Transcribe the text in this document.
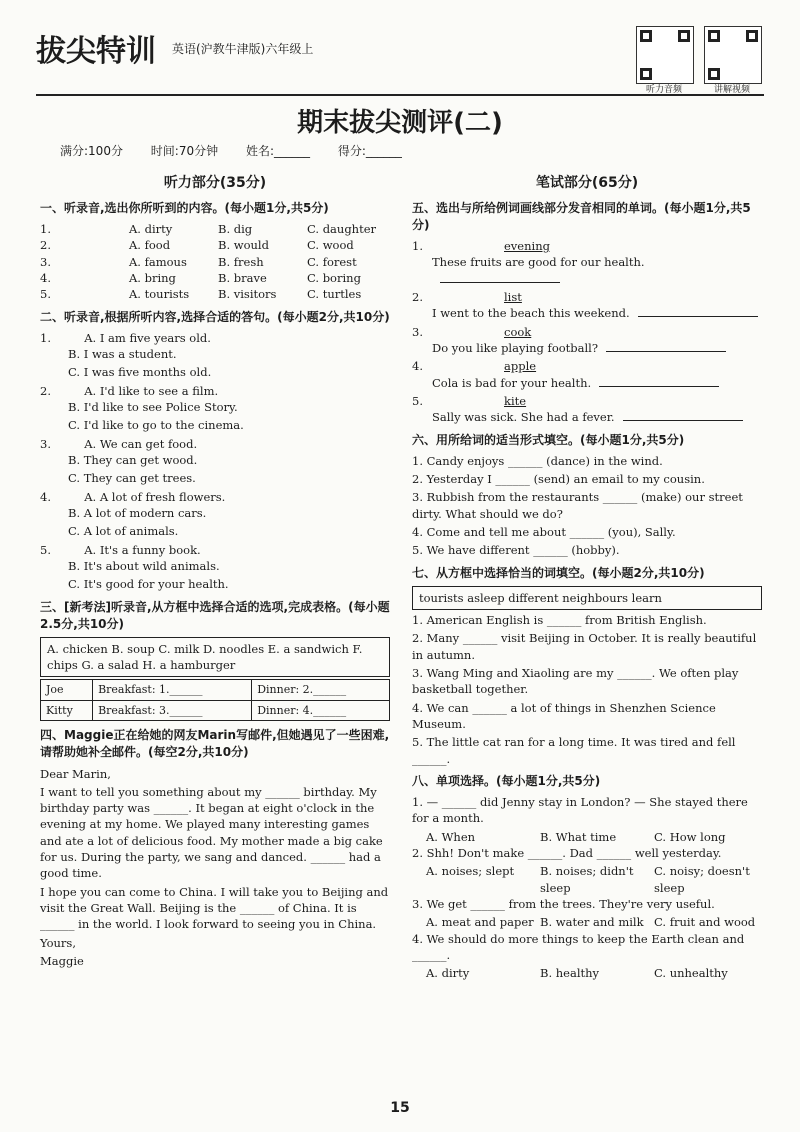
拔尖特训 英语(沪教牛津版)六年级上
听力音频	讲解视频
期末拔尖测评(二)
满分:100分 时间:70分钟 姓名:______ 得分:______
听力部分(35分)
一、听录音,选出你所听到的内容。(每小题1分,共5分)
1.	A. dirty	B. dig	C. daughter
2.	A. food	B. would	C. wood
3.	A. famous	B. fresh	C. forest
4.	A. bring	B. brave	C. boring
5.	A. tourists	B. visitors	C. turtles
二、听录音,根据所听内容,选择合适的答句。(每小题2分,共10分)
1.	A. I am five years old.

B. I was a student.

C. I was five months old.

2.	A. I'd like to see a film.

B. I'd like to see Police Story.

C. I'd like to go to the cinema.

3.	A. We can get food.

B. They can get wood.

C. They can get trees.

4.	A. A lot of fresh flowers.

B. A lot of modern cars.

C. A lot of animals.

5.	A. It's a funny book.

B. It's about wild animals.

C. It's good for your health.

三、[新考法]听录音,从方框中选择合适的选项,完成表格。(每小题2.5分,共10分)

A. chicken B. soup C. milk D. noodles E. a sandwich F. chips G. a salad H. a hamburger

Joe	Breakfast: 1.______	Dinner: 2.______
Kitty	Breakfast: 3.______	Dinner: 4.______
四、Maggie正在给她的网友Marin写邮件,但她遇见了一些困难,请帮助她补全邮件。(每空2分,共10分)

Dear Marin,

I want to tell you something about my ______ birthday. My birthday party was ______. It began at eight o'clock in the evening at my home. We played many interesting games and ate a lot of delicious food. My mother made a big cake for us. During the party, we sang and danced. ______ had a good time.

I hope you can come to China. I will take you to Beijing and visit the Great Wall. Beijing is the ______ of China. It is ______ in the world. I look forward to seeing you in China.

Yours,

Maggie

笔试部分(65分)
五、选出与所给例词画线部分发音相同的单词。(每小题1分,共5分)
1.	evening

These fruits are good for our health.

2.	list

I went to the beach this weekend.

3.	cook

Do you like playing football?

4.	apple

Cola is bad for your health.

5.	kite

Sally was sick. She had a fever.

六、用所给词的适当形式填空。(每小题1分,共5分)

1. Candy enjoys ______ (dance) in the wind.

2. Yesterday I ______ (send) an email to my cousin.

3. Rubbish from the restaurants ______ (make) our street dirty. What should we do?

4. Come and tell me about ______ (you), Sally.

5. We have different ______ (hobby).

七、从方框中选择恰当的词填空。(每小题2分,共10分)

tourists asleep different neighbours learn

1. American English is ______ from British English.

2. Many ______ visit Beijing in October. It is really beautiful in autumn.

3. Wang Ming and Xiaoling are my ______. We often play basketball together.

4. We can ______ a lot of things in Shenzhen Science Museum.

5. The little cat ran for a long time. It was tired and fell ______.

八、单项选择。(每小题1分,共5分)

1. — ______ did Jenny stay in London? — She stayed there for a month.

A. When	B. What time	C. How long

2. Shh! Don't make ______. Dad ______ well yesterday.

A. noises; slept	B. noises; didn't sleep
C. noisy; doesn't sleep

3. We get ______ from the trees. They're very useful.

A. meat and paper B. water and milk C. fruit and wood

4. We should do more things to keep the Earth clean and ______.

A. dirty	B. healthy	C. unhealthy
15
